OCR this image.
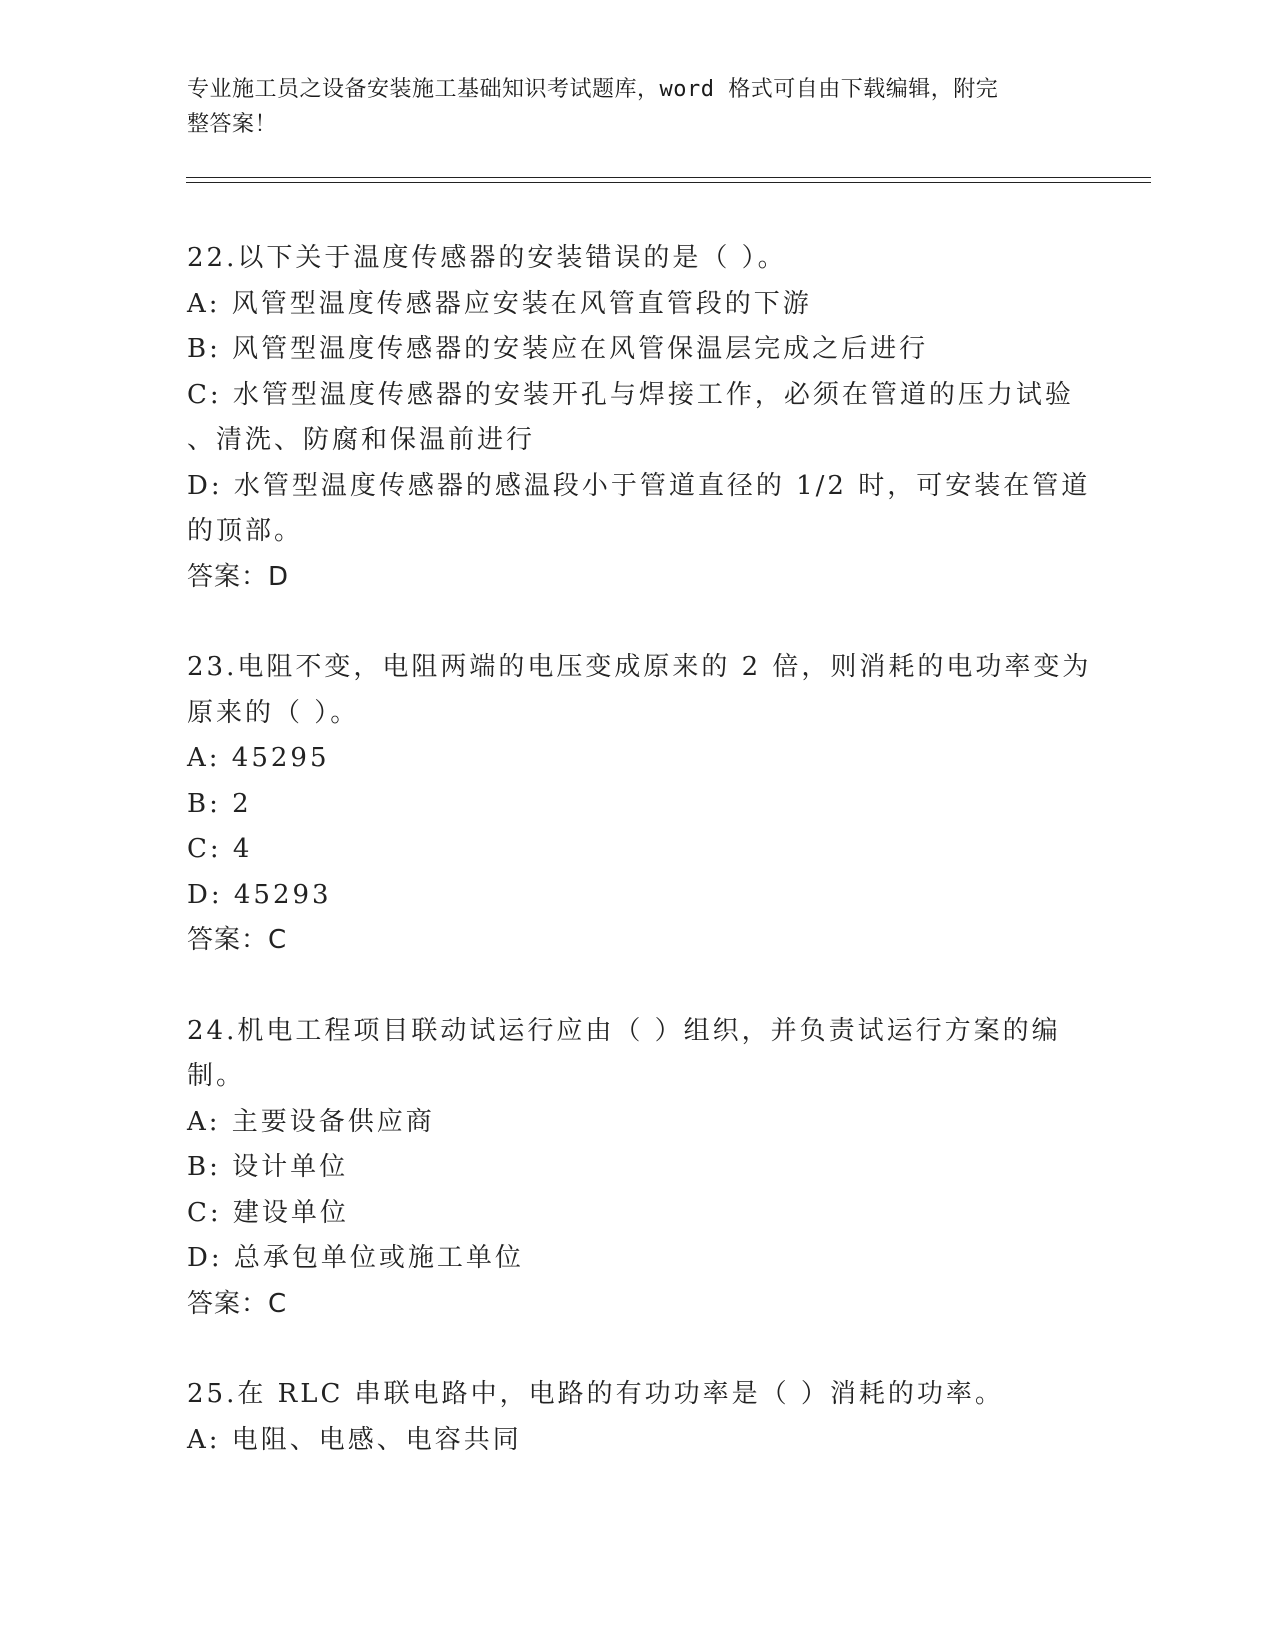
专业施工员之设备安装施工基础知识考试题库，word 格式可自由下载编辑，附完
整答案！
22.以下关于温度传感器的安装错误的是（ ）。
A: 风管型温度传感器应安装在风管直管段的下游
B: 风管型温度传感器的安装应在风管保温层完成之后进行
C: 水管型温度传感器的安装开孔与焊接工作，必须在管道的压力试验
、清洗、防腐和保温前进行
D: 水管型温度传感器的感温段小于管道直径的 1/2 时，可安装在管道
的顶部。
答案：D
23.电阻不变，电阻两端的电压变成原来的 2 倍，则消耗的电功率变为
原来的（ ）。
A: 45295
B: 2
C: 4
D: 45293
答案：C
24.机电工程项目联动试运行应由（ ）组织，并负责试运行方案的编
制。
A: 主要设备供应商
B: 设计单位
C: 建设单位
D: 总承包单位或施工单位
答案：C
25.在 RLC 串联电路中，电路的有功功率是（ ）消耗的功率。
A: 电阻、电感、电容共同
